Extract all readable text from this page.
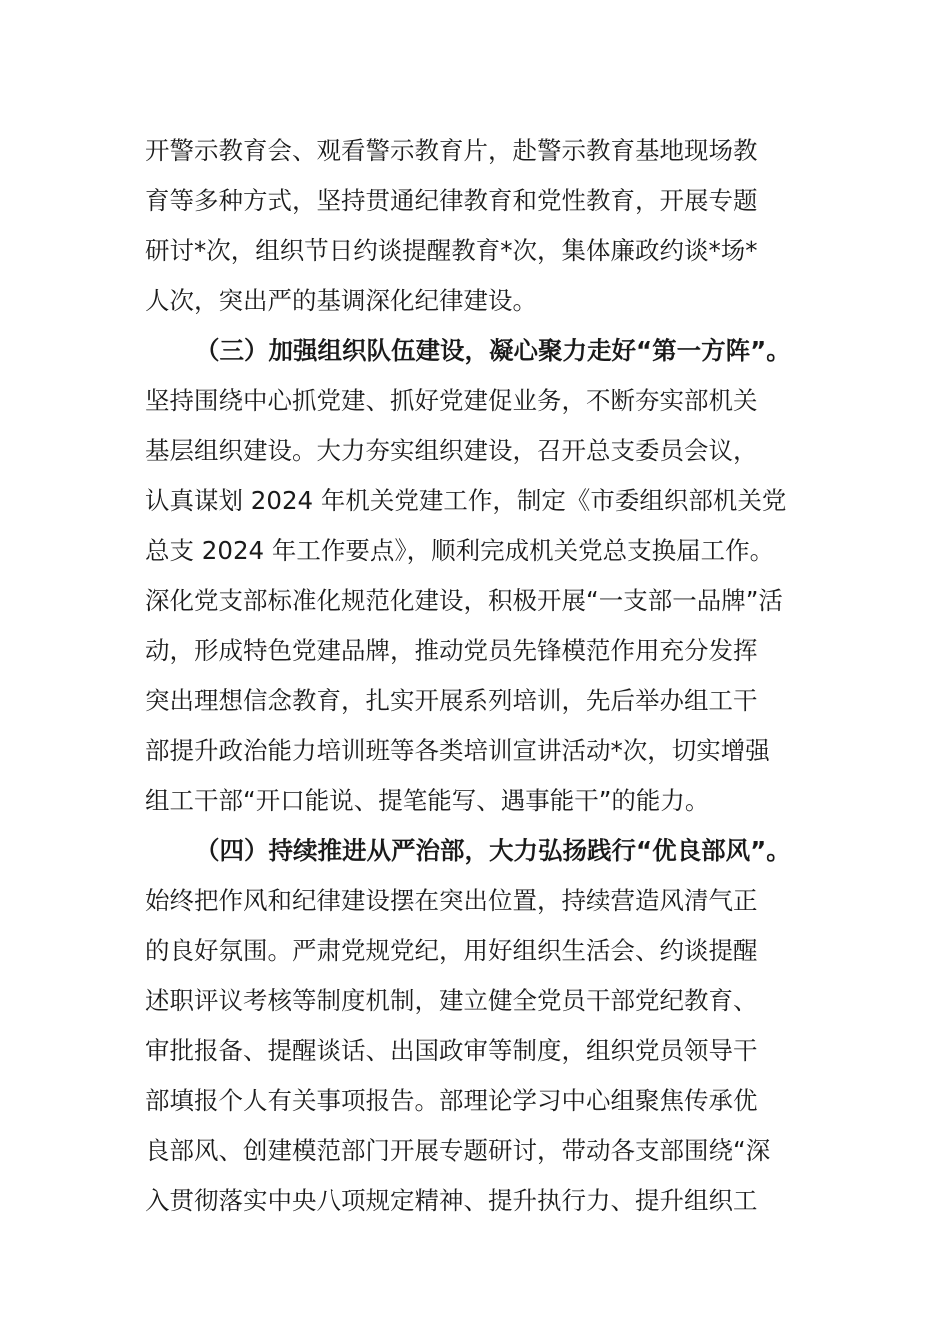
开警示教育会、观看警示教育片，赴警示教育基地现场教
育等多种方式，坚持贯通纪律教育和党性教育，开展专题
研讨*次，组织节日约谈提醒教育*次，集体廉政约谈*场*
人次，突出严的基调深化纪律建设。
（三）加强组织队伍建设，凝心聚力走好“第一方阵”。
坚持围绕中心抓党建、抓好党建促业务，不断夯实部机关
基层组织建设。大力夯实组织建设，召开总支委员会议，
认真谋划 2024 年机关党建工作，制定《市委组织部机关党
总支 2024 年工作要点》，顺利完成机关党总支换届工作。
深化党支部标准化规范化建设，积极开展“一支部一品牌”活
动，形成特色党建品牌，推动党员先锋模范作用充分发挥
突出理想信念教育，扎实开展系列培训，先后举办组工干
部提升政治能力培训班等各类培训宣讲活动*次，切实增强
组工干部“开口能说、提笔能写、遇事能干”的能力。
（四）持续推进从严治部，大力弘扬践行“优良部风”。
始终把作风和纪律建设摆在突出位置，持续营造风清气正
的良好氛围。严肃党规党纪，用好组织生活会、约谈提醒
述职评议考核等制度机制，建立健全党员干部党纪教育、
审批报备、提醒谈话、出国政审等制度，组织党员领导干
部填报个人有关事项报告。部理论学习中心组聚焦传承优
良部风、创建模范部门开展专题研讨，带动各支部围绕“深
入贯彻落实中央八项规定精神、提升执行力、提升组织工
